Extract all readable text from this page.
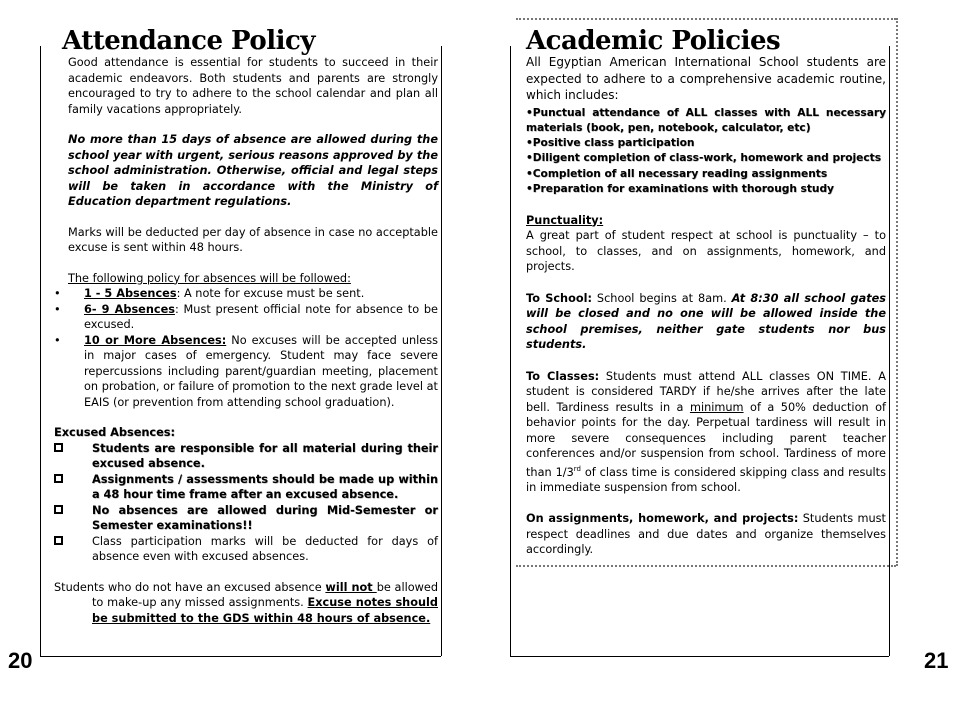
Attendance Policy

Good attendance is essential for students to succeed in their academic endeavors. Both students and parents are strongly encouraged to try to adhere to the school calendar and plan all family vacations appropriately.

No more than 15 days of absence are allowed during the school year with urgent, serious reasons approved by the school administration. Otherwise, official and legal steps will be taken in accordance with the Ministry of Education department regulations.

Marks will be deducted per day of absence in case no acceptable excuse is sent within 48 hours.

The following policy for absences will be followed:

• 1 - 5 Absences: A note for excuse must be sent.
• 6- 9 Absences: Must present official note for absence to be excused.
• 10 or More Absences: No excuses will be accepted unless in major cases of emergency. Student may face severe repercussions including parent/guardian meeting, placement on probation, or failure of promotion to the next grade level at EAIS (or prevention from attending school graduation).

Excused Absences:

Students are responsible for all material during their excused absence.
Assignments / assessments should be made up within a 48 hour time frame after an excused absence.
No absences are allowed during Mid-Semester or Semester examinations!!
Class participation marks will be deducted for days of absence even with excused absences.

Students who do not have an excused absence will not be allowed to make-up any missed assignments. Excuse notes should be submitted to the GDS within 48 hours of absence.

20
Academic Policies

All Egyptian American International School students are expected to adhere to a comprehensive academic routine, which includes:

•Punctual attendance of ALL classes with ALL necessary materials (book, pen, notebook, calculator, etc)

•Positive class participation

•Diligent completion of class-work, homework and projects

•Completion of all necessary reading assignments

•Preparation for examinations with thorough study

Punctuality:

A great part of student respect at school is punctuality – to school, to classes, and on assignments, homework, and projects.

To School: School begins at 8am. At 8:30 all school gates will be closed and no one will be allowed inside the school premises, neither gate students nor bus students.

To Classes: Students must attend ALL classes ON TIME. A student is considered TARDY if he/she arrives after the late bell. Tardiness results in a minimum of a 50% deduction of behavior points for the day. Perpetual tardiness will result in more severe consequences including parent teacher conferences and/or suspension from school. Tardiness of more than 1/3rd of class time is considered skipping class and results in immediate suspension from school.

On assignments, homework, and projects: Students must respect deadlines and due dates and organize themselves accordingly.

21
